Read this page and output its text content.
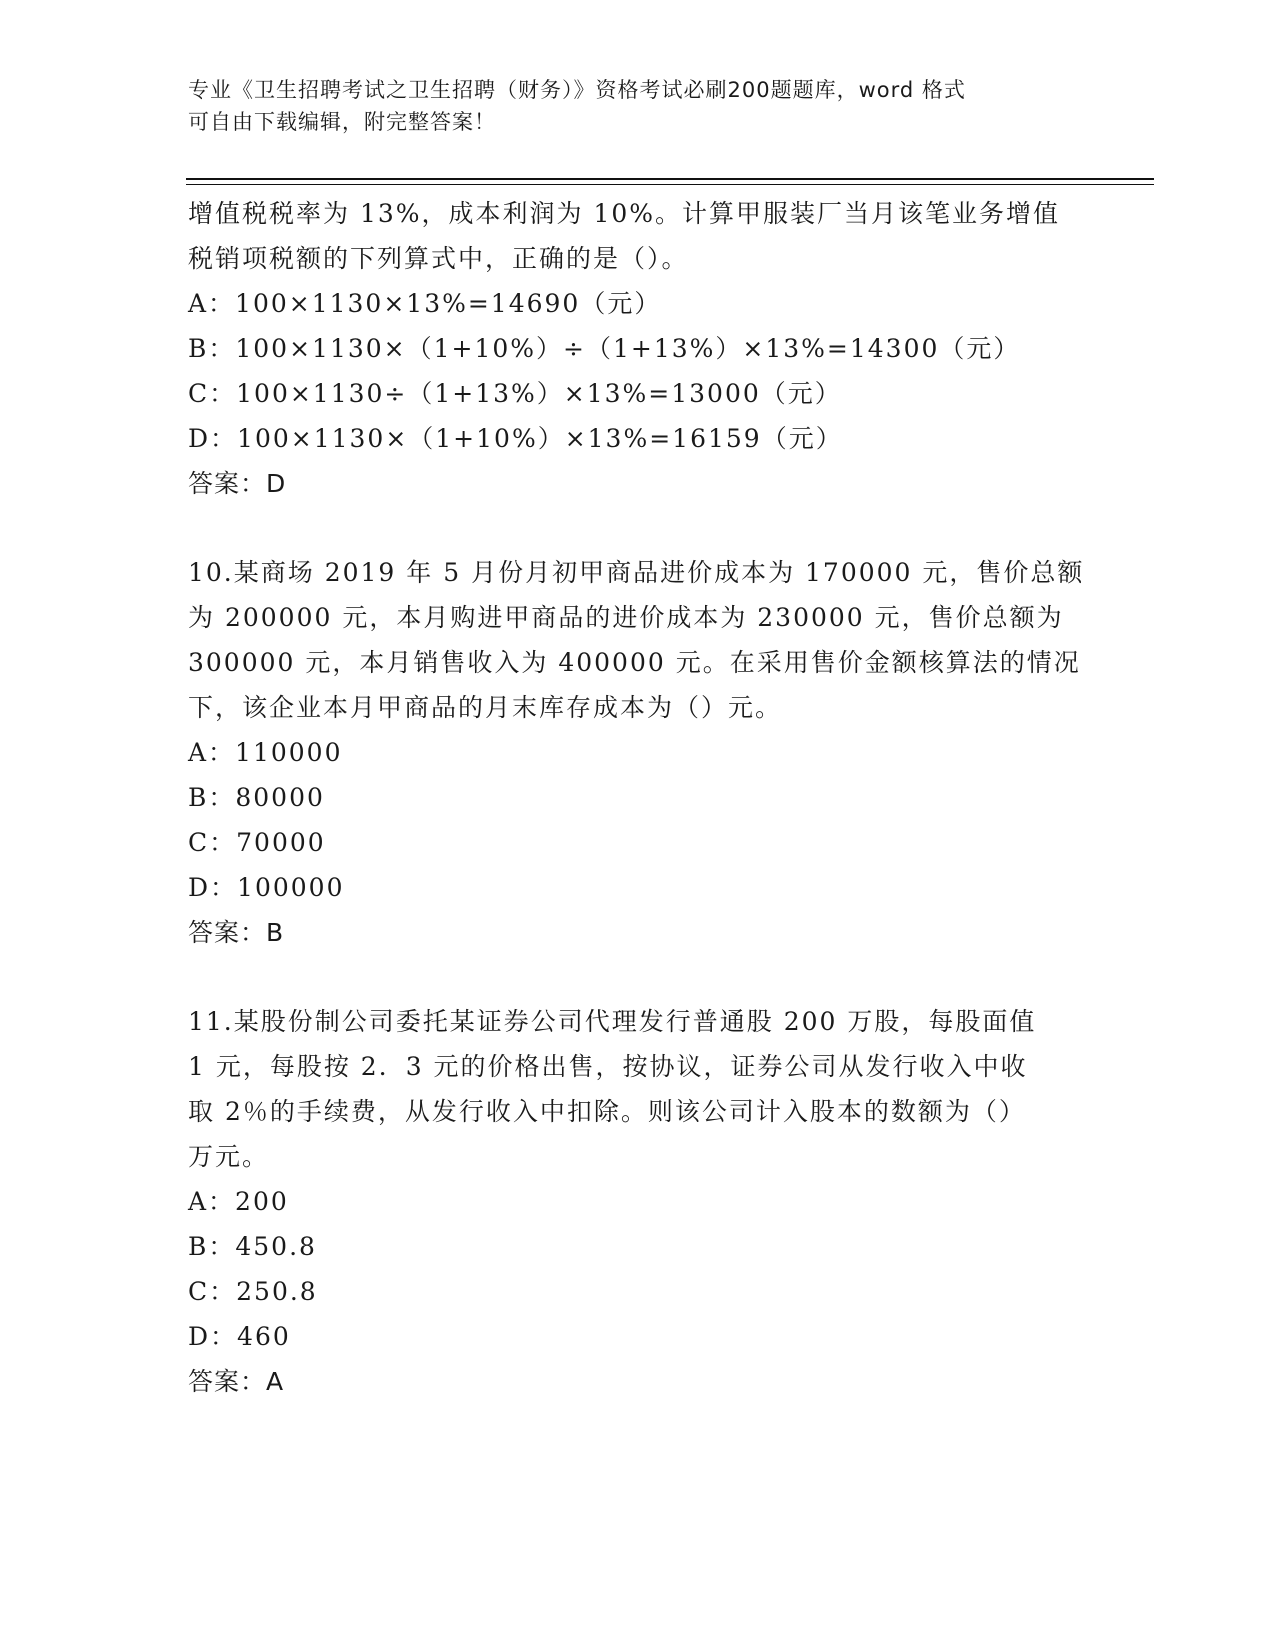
专业《卫生招聘考试之卫生招聘（财务）》资格考试必刷200题题库，word 格式
可自由下载编辑，附完整答案！

增值税税率为 13%，成本利润为 10%。计算甲服装厂当月该笔业务增值

税销项税额的下列算式中，正确的是（）。

A：100×1130×13%=14690（元）

B：100×1130×（1+10%）÷（1+13%）×13%=14300（元）

C：100×1130÷（1+13%）×13%=13000（元）

D：100×1130×（1+10%）×13%=16159（元）

答案：D

10.某商场 2019 年 5 月份月初甲商品进价成本为 170000 元，售价总额

为 200000 元，本月购进甲商品的进价成本为 230000 元，售价总额为

300000 元，本月销售收入为 400000 元。在采用售价金额核算法的情况

下，该企业本月甲商品的月末库存成本为（）元。

A：110000

B：80000

C：70000

D：100000

答案：B

11.某股份制公司委托某证券公司代理发行普通股 200 万股，每股面值

1 元，每股按 2．3 元的价格出售，按协议，证券公司从发行收入中收

取 2％的手续费，从发行收入中扣除。则该公司计入股本的数额为（）

万元。

A：200

B：450.8

C：250.8

D：460

答案：A
